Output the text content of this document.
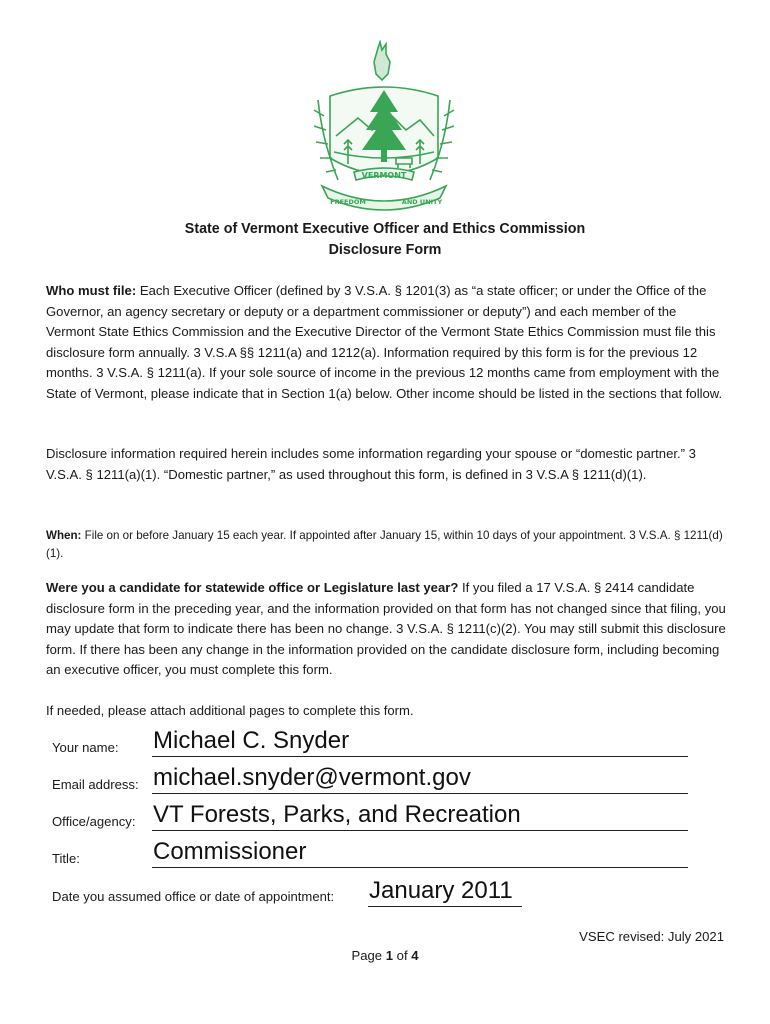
VERMONT
FREEDOM	AND UNITY
State of Vermont Executive Officer and Ethics Commission
Disclosure Form
Who must file: Each Executive Officer (defined by 3 V.S.A. § 1201(3) as “a state officer; or under the Office of the Governor, an agency secretary or deputy or a department commissioner or deputy”) and each member of the Vermont State Ethics Commission and the Executive Director of the Vermont State Ethics Commission must file this disclosure form annually. 3 V.S.A §§ 1211(a) and 1212(a). Information required by this form is for the previous 12 months. 3 V.S.A. § 1211(a). If your sole source of income in the previous 12 months came from employment with the State of Vermont, please indicate that in Section 1(a) below. Other income should be listed in the sections that follow.
Disclosure information required herein includes some information regarding your spouse or “domestic partner.” 3 V.S.A. § 1211(a)(1). “Domestic partner,” as used throughout this form, is defined in 3 V.S.A § 1211(d)(1).
When: File on or before January 15 each year. If appointed after January 15, within 10 days of your appointment. 3 V.S.A. § 1211(d)(1).
Were you a candidate for statewide office or Legislature last year? If you filed a 17 V.S.A. § 2414 candidate disclosure form in the preceding year, and the information provided on that form has not changed since that filing, you may update that form to indicate there has been no change. 3 V.S.A. § 1211(c)(2). You may still submit this disclosure form. If there has been any change in the information provided on the candidate disclosure form, including becoming an executive officer, you must complete this form.
If needed, please attach additional pages to complete this form.
Your name: Michael C. Snyder
Email address: michael.snyder@vermont.gov
Office/agency: VT Forests, Parks, and Recreation
Title:	Commissioner
Date you assumed office or date of appointment: January 2011
VSEC revised: July 2021
Page 1 of 4
